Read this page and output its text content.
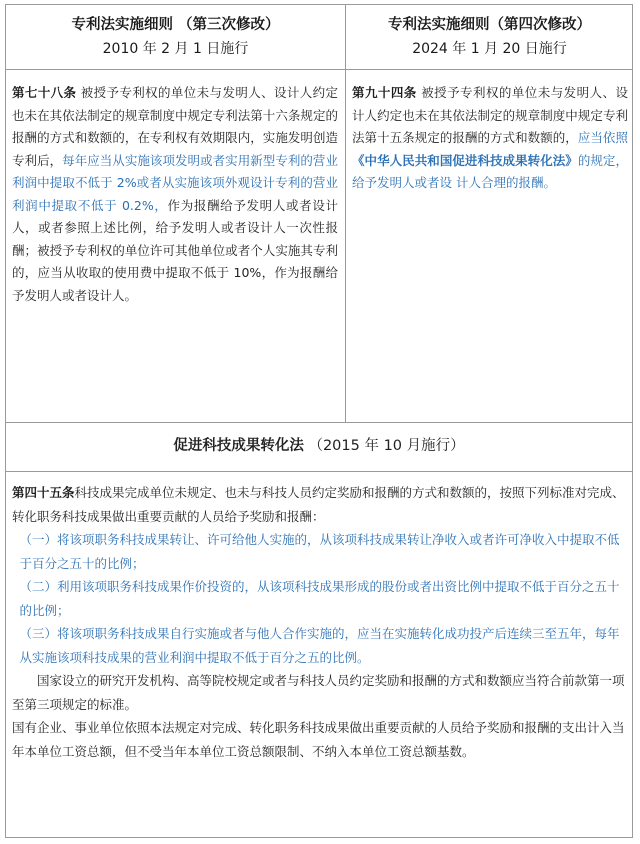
专利法实施细则 （第三次修改）
2010 年 2 月 1 日施行
专利法实施细则（第四次修改）
2024 年 1 月 20 日施行
第七十八条 被授予专利权的单位未与发明人、设计人约定也未在其依法制定的规章制度中规定专利法第十六条规定的报酬的方式和数额的，在专利权有效期限内，实施发明创造专利后，每年应当从实施该项发明或者实用新型专利的营业利润中提取不低于 2%或者从实施该项外观设计专利的营业利润中提取不低于 0.2%，作为报酬给予发明人或者设计人，或者参照上述比例，给予发明人或者设计人一次性报酬；被授予专利权的单位许可其他单位或者个人实施其专利的，应当从收取的使用费中提取不低于 10%，作为报酬给予发明人或者设计人。
第九十四条 被授予专利权的单位未与发明人、设计人约定也未在其依法制定的规章制度中规定专利法第十五条规定的报酬的方式和数额的，应当依照《中华人民共和国促进科技成果转化法》的规定，给予发明人或者设 计人合理的报酬。
促进科技成果转化法 （2015 年 10 月施行）

第四十五条科技成果完成单位未规定、也未与科技人员约定奖励和报酬的方式和数额的，按照下列标准对完成、转化职务科技成果做出重要贡献的人员给予奖励和报酬：

（一）将该项职务科技成果转让、许可给他人实施的，从该项科技成果转让净收入或者许可净收入中提取不低于百分之五十的比例；

（二）利用该项职务科技成果作价投资的，从该项科技成果形成的股份或者出资比例中提取不低于百分之五十的比例；

（三）将该项职务科技成果自行实施或者与他人合作实施的，应当在实施转化成功投产后连续三至五年，每年从实施该项科技成果的营业利润中提取不低于百分之五的比例。

国家设立的研究开发机构、高等院校规定或者与科技人员约定奖励和报酬的方式和数额应当符合前款第一项至第三项规定的标准。

国有企业、事业单位依照本法规定对完成、转化职务科技成果做出重要贡献的人员给予奖励和报酬的支出计入当年本单位工资总额，但不受当年本单位工资总额限制、不纳入本单位工资总额基数。
